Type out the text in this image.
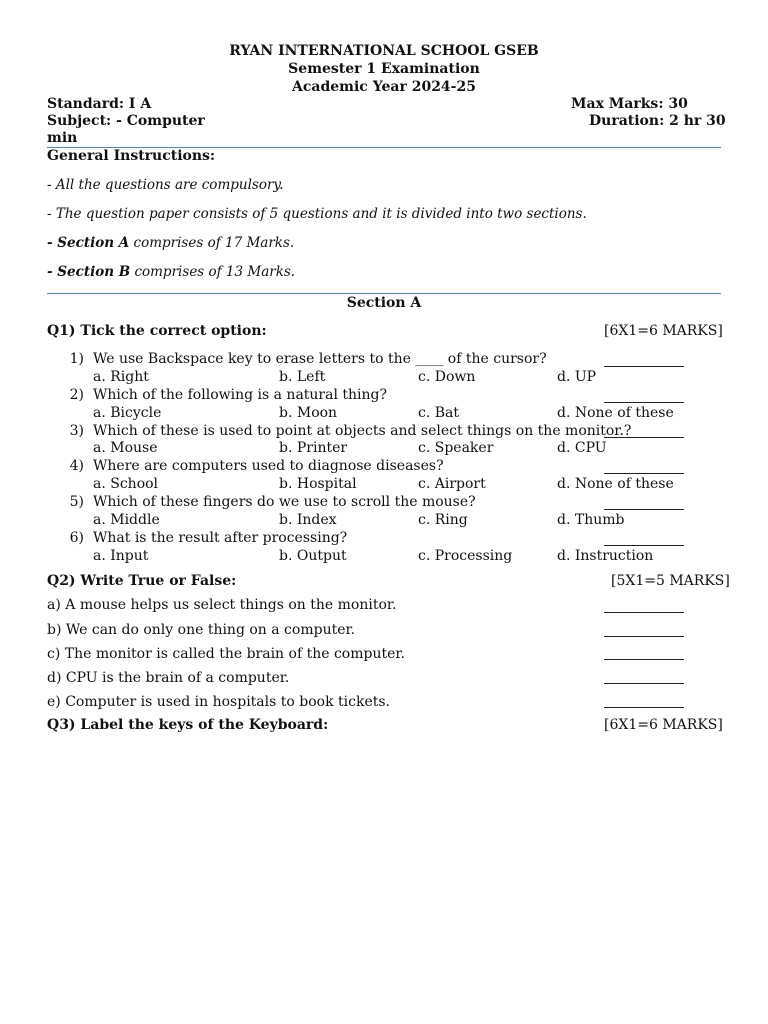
RYAN INTERNATIONAL SCHOOL GSEB
Semester 1 Examination
Academic Year 2024-25
Standard: I A	Max Marks: 30
Subject: - Computer	Duration: 2 hr 30
min
General Instructions:
- All the questions are compulsory.
- The question paper consists of 5 questions and it is divided into two sections.
- Section A comprises of 17 Marks.
- Section B comprises of 13 Marks.
Section A
Q1) Tick the correct option:	[6X1=6 MARKS]
1) We use Backspace key to erase letters to the ____ of the cursor?
a. Right	b. Left	c. Down	d. UP
2) Which of the following is a natural thing?
a. Bicycle	b. Moon	c. Bat	d. None of these
3) Which of these is used to point at objects and select things on the monitor.?
a. Mouse	b. Printer	c. Speaker	d. CPU
4) Where are computers used to diagnose diseases?
a. School	b. Hospital	c. Airport	d. None of these
5) Which of these fingers do we use to scroll the mouse?
a. Middle	b. Index	c. Ring	d. Thumb
6) What is the result after processing?
a. Input	b. Output	c. Processing	d. Instruction
Q2) Write True or False:	[5X1=5 MARKS]
a) A mouse helps us select things on the monitor.
b) We can do only one thing on a computer.
c) The monitor is called the brain of the computer.
d) CPU is the brain of a computer.
e) Computer is used in hospitals to book tickets.
Q3) Label the keys of the Keyboard:	[6X1=6 MARKS]
